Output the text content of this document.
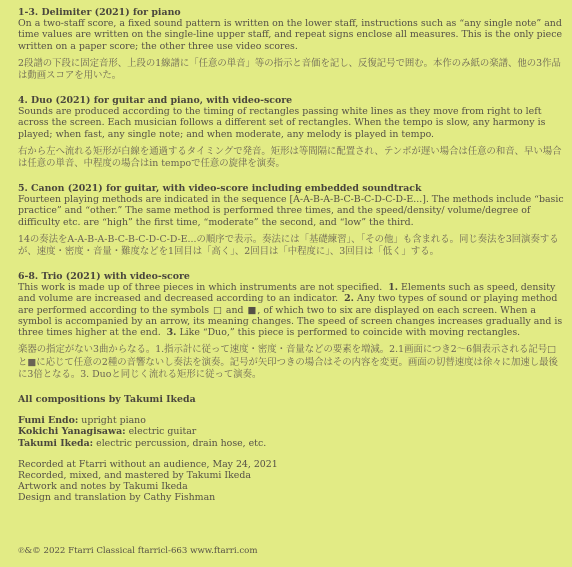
1-3. Delimiter (2021) for piano

On a two-staff score, a fixed sound pattern is written on the lower staff, instructions such as “any single note” and time values are written on the single-line upper staff, and repeat signs enclose all measures. This is the only piece written on a paper score; the other three use video scores.

2段譜の下段に固定音形、上段の1線譜に「任意の単音」等の指示と音価を記し、反復記号で囲む。本作のみ紙の楽譜、他の3作品は動画スコアを用いた。

4. Duo (2021) for guitar and piano, with video-score

Sounds are produced according to the timing of rectangles passing white lines as they move from right to left across the screen. Each musician follows a different set of rectangles. When the tempo is slow, any harmony is played; when fast, any single note; and when moderate, any melody is played in tempo.

右から左へ流れる矩形が白線を通過するタイミングで発音。矩形は等間隔に配置され、テンポが遅い場合は任意の和音、早い場合は任意の単音、中程度の場合はin tempoで任意の旋律を演奏。

5. Canon (2021) for guitar, with video-score including embedded soundtrack

Fourteen playing methods are indicated in the sequence [A-A-B-A-B-C-B-C-D-C-D-E...]. The methods include “basic practice” and “other.” The same method is performed three times, and the speed/density/ volume/degree of difficulty etc. are “high” the first time, “moderate” the second, and “low” the third.

14の奏法をA-A-B-A-B-C-B-C-D-C-D-E...の順序で表示。奏法には「基礎練習」、「その他」も含まれる。同じ奏法を3回演奏するが、速度・密度・音量・難度などを1回目は「高く」、2回目は「中程度に」、3回目は「低く」する。

6-8. Trio (2021) with video-score

This work is made up of three pieces in which instruments are not specified. 1. Elements such as speed, density and volume are increased and decreased according to an indicator. 2. Any two types of sound or playing method are performed according to the symbols □ and ■, of which two to six are displayed on each screen. When a symbol is accompanied by an arrow, its meaning changes. The speed of screen changes increases gradually and is three times higher at the end. 3. Like “Duo,” this piece is performed to coincide with moving rectangles.

楽器の指定がない3曲からなる。1.指示計に従って速度・密度・音量などの要素を増減。2.1画面につき2〜6個表示される記号□と■に応じて任意の2種の音響ないし奏法を演奏。記号が矢印つきの場合はその内容を変更。画面の切替速度は徐々に加速し最後に3倍となる。3. Duoと同じく流れる矩形に従って演奏。

All compositions by Takumi Ikeda

Fumi Endo: upright piano

Kokichi Yanagisawa: electric guitar

Takumi Ikeda: electric percussion, drain hose, etc.

Recorded at Ftarri without an audience, May 24, 2021

Recorded, mixed, and mastered by Takumi Ikeda

Artwork and notes by Takumi Ikeda

Design and translation by Cathy Fishman

℗&© 2022 Ftarri Classical ftarricl-663 www.ftarri.com
